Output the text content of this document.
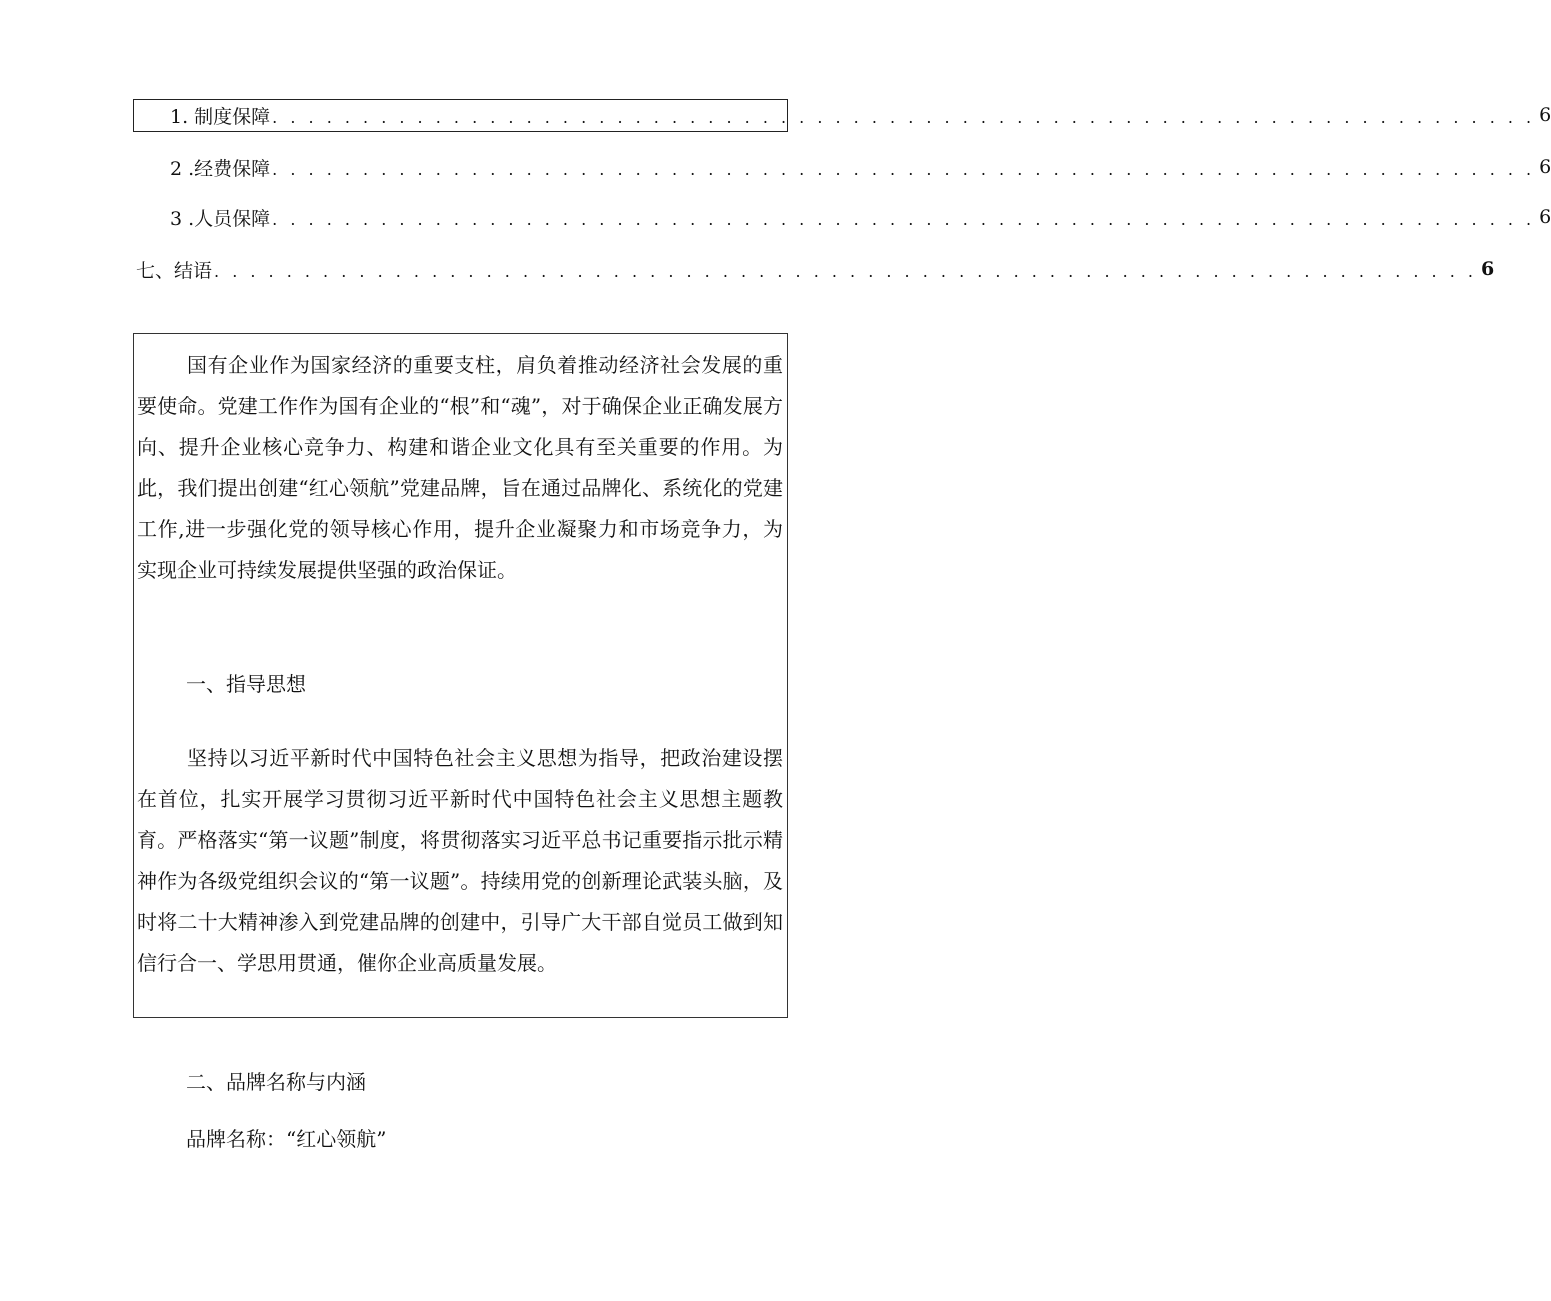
1. 制度保障 . . . . . . . . . . . . . . . . . . . . . . . . . . . . . . . . . . . . . . . . . . . . . . . . . . . . . . . . . . . . . . . . . . . . . . 6
2 .经费保障 . . . . . . . . . . . . . . . . . . . . . . . . . . . . . . . . . . . . . . . . . . . . . . . . . . . . . . . . . . . . . . . . . . . . . . 6
3 .人员保障 . . . . . . . . . . . . . . . . . . . . . . . . . . . . . . . . . . . . . . . . . . . . . . . . . . . . . . . . . . . . . . . . . . . . . . 6
七、结语 . . . . . . . . . . . . . . . . . . . . . . . . . . . . . . . . . . . . . . . . . . . . . . . . . . . . . . . . . . . . . . . . . . . . . . 6
国有企业作为国家经济的重要支柱，肩负着推动经济社会发展的重要使命。党建工作作为国有企业的“根”和“魂”，对于确保企业正确发展方向、提升企业核心竞争力、构建和谐企业文化具有至关重要的作用。为此，我们提出创建“红心领航”党建品牌，旨在通过品牌化、系统化的党建工作,进一步强化党的领导核心作用，提升企业凝聚力和市场竞争力，为实现企业可持续发展提供坚强的政治保证。
一、指导思想
坚持以习近平新时代中国特色社会主义思想为指导，把政治建设摆在首位，扎实开展学习贯彻习近平新时代中国特色社会主义思想主题教育。严格落实“第一议题”制度，将贯彻落实习近平总书记重要指示批示精神作为各级党组织会议的“第一议题”。持续用党的创新理论武装头脑，及时将二十大精神渗入到党建品牌的创建中，引导广大干部自觉员工做到知信行合一、学思用贯通，催你企业高质量发展。
二、品牌名称与内涵
品牌名称：“红心领航”
